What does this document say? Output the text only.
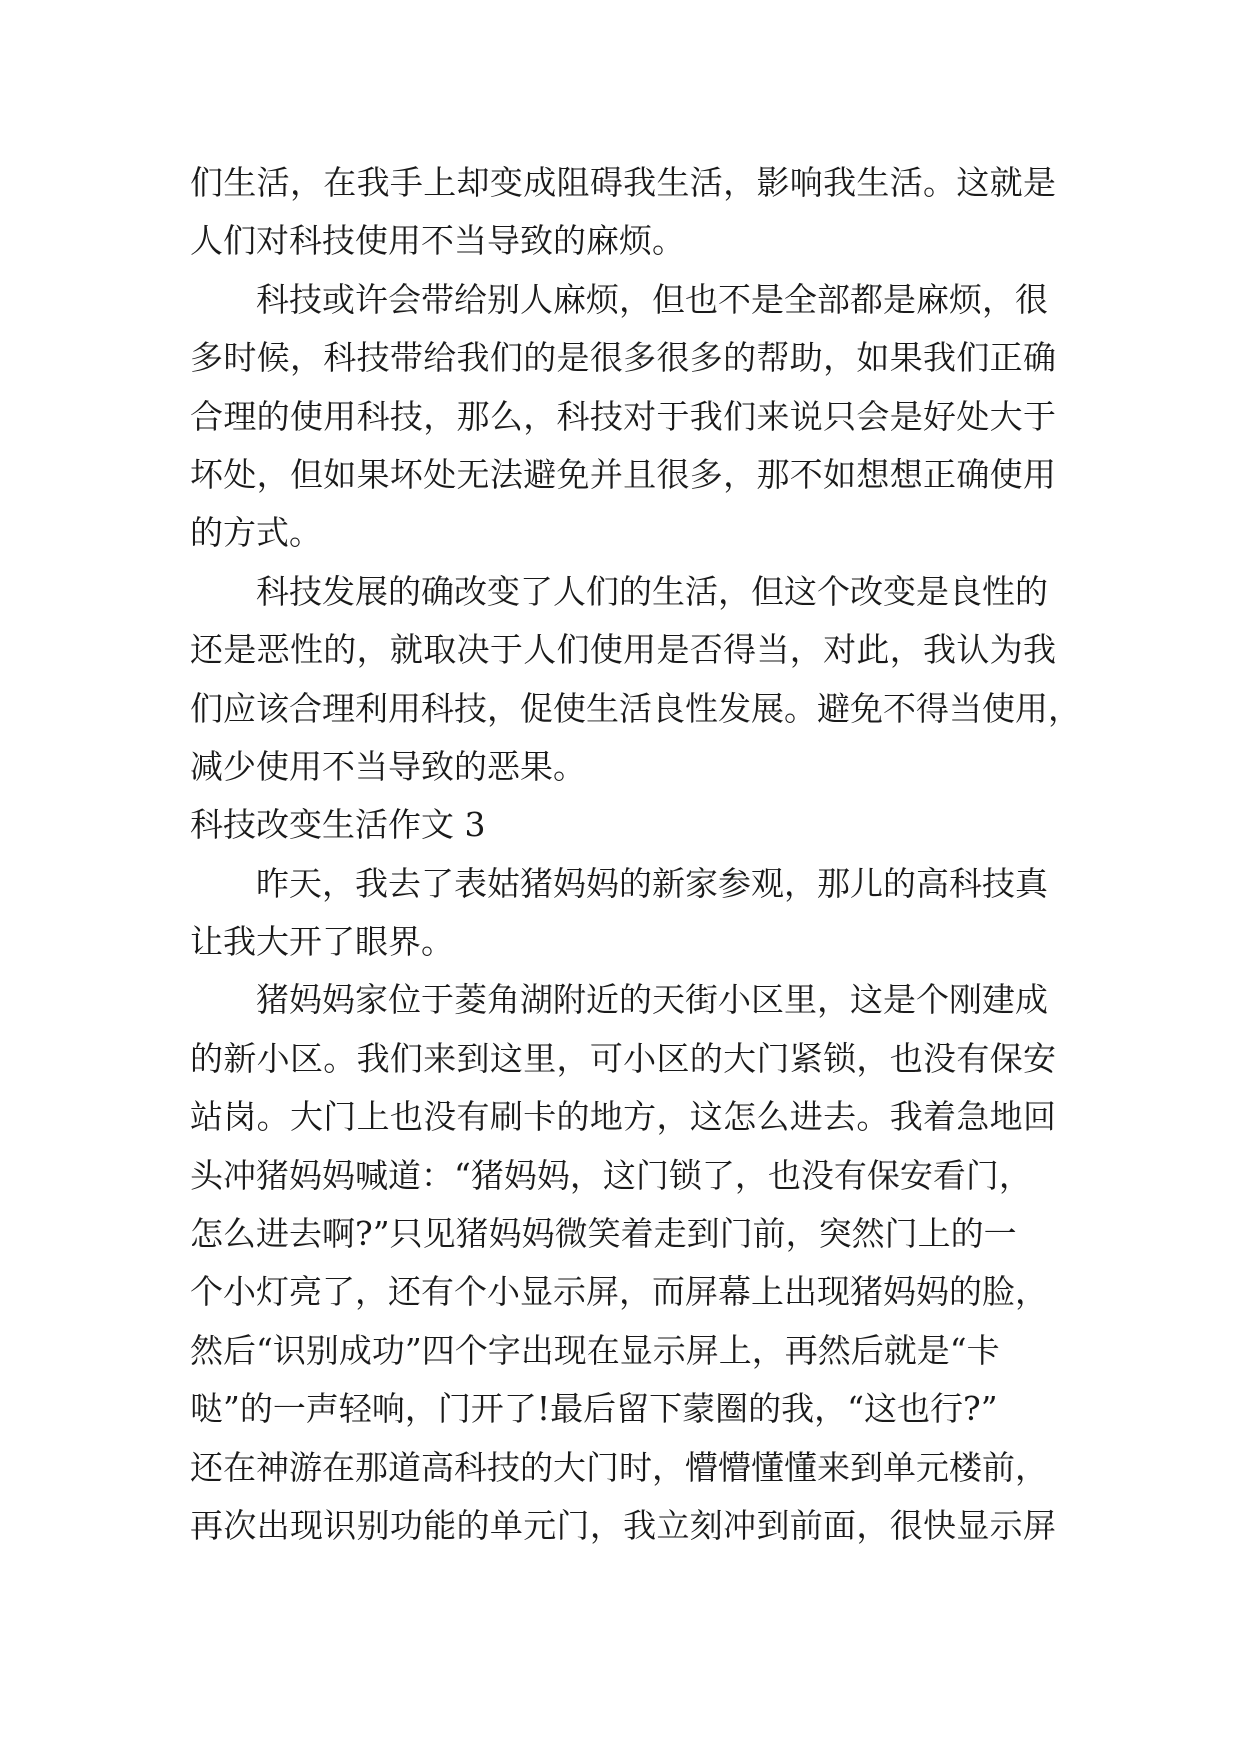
们生活，在我手上却变成阻碍我生活，影响我生活。这就是
人们对科技使用不当导致的麻烦。
科技或许会带给别人麻烦，但也不是全部都是麻烦，很
多时候，科技带给我们的是很多很多的帮助，如果我们正确
合理的使用科技，那么，科技对于我们来说只会是好处大于
坏处，但如果坏处无法避免并且很多，那不如想想正确使用
的方式。
科技发展的确改变了人们的生活，但这个改变是良性的
还是恶性的，就取决于人们使用是否得当，对此，我认为我
们应该合理利用科技，促使生活良性发展。避免不得当使用，
减少使用不当导致的恶果。
科技改变生活作文 3
昨天，我去了表姑猪妈妈的新家参观，那儿的高科技真
让我大开了眼界。
猪妈妈家位于菱角湖附近的天街小区里，这是个刚建成
的新小区。我们来到这里，可小区的大门紧锁，也没有保安
站岗。大门上也没有刷卡的地方，这怎么进去。我着急地回
头冲猪妈妈喊道：“猪妈妈，这门锁了，也没有保安看门，
怎么进去啊?”只见猪妈妈微笑着走到门前，突然门上的一
个小灯亮了，还有个小显示屏，而屏幕上出现猪妈妈的脸，
然后“识别成功”四个字出现在显示屏上，再然后就是“卡
哒”的一声轻响，门开了!最后留下蒙圈的我，“这也行?”
还在神游在那道高科技的大门时，懵懵懂懂来到单元楼前，
再次出现识别功能的单元门，我立刻冲到前面，很快显示屏
